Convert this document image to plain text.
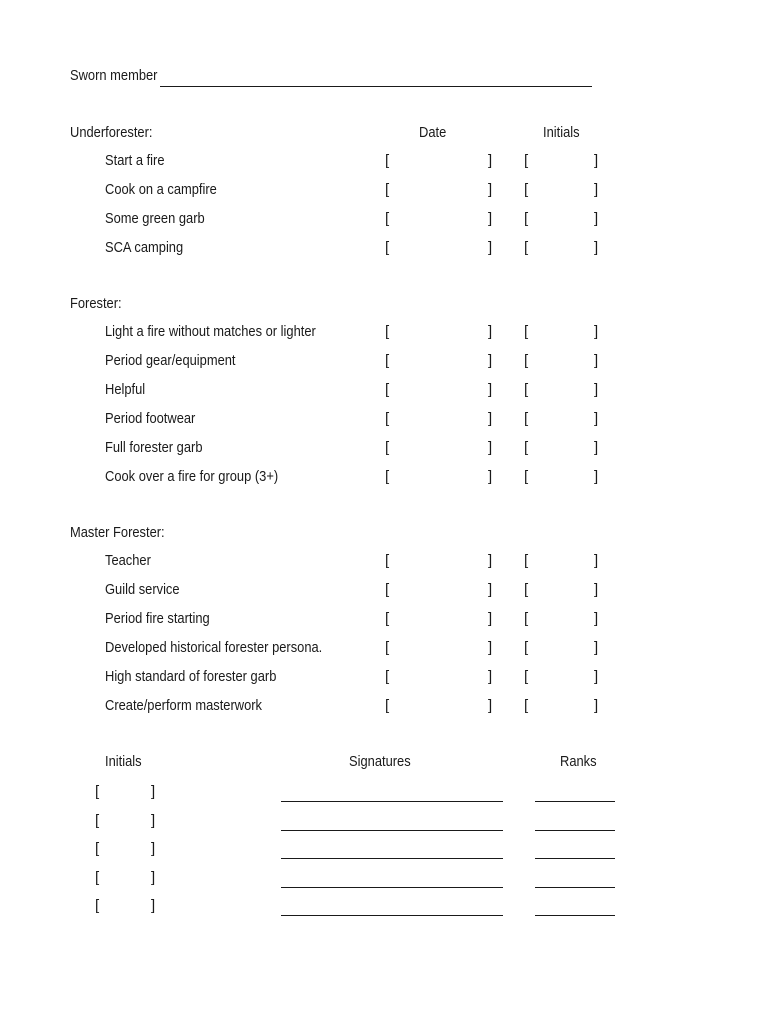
Sworn member
Date	Initials
Underforester:
Start a fire	[	] [	]
Cook on a campfire	[	] [	]
Some green garb	[	] [	]
SCA camping	[	] [	]
Forester:
Light a fire without matches or lighter	[	] [	]
Period gear/equipment	[	] [	]
Helpful	[	] [	]
Period footwear	[	] [	]
Full forester garb	[	] [	]
Cook over a fire for group (3+)	[	] [	]
Master Forester:
Teacher	[	] [	]
Guild service	[	] [	]
Period fire starting	[	] [	]
Developed historical forester persona.	[	] [	]
High standard of forester garb	[	] [	]
Create/perform masterwork	[	] [	]
Initials	Signatures	Ranks
[	]
[	]
[	]
[	]
[	]
